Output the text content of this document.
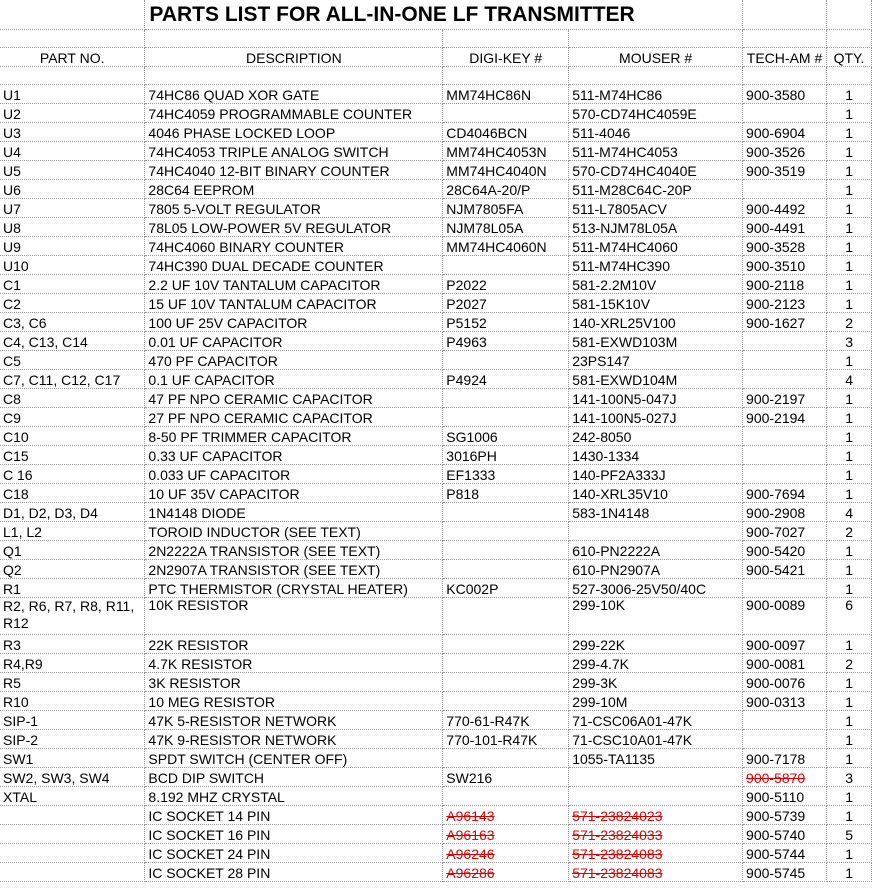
	PARTS LIST FOR ALL-IN-ONE LF TRANSMITTER				

PART NO.	DESCRIPTION	DIGI-KEY #	MOUSER #	TECH-AM #	QTY.

U1	74HC86 QUAD XOR GATE	MM74HC86N	511-M74HC86	900-3580	1
U2	74HC4059 PROGRAMMABLE COUNTER		570-CD74HC4059E		1
U3	4046 PHASE LOCKED LOOP	CD4046BCN	511-4046	900-6904	1
U4	74HC4053 TRIPLE ANALOG SWITCH	MM74HC4053N	511-M74HC4053	900-3526	1
U5	74HC4040 12-BIT BINARY COUNTER	MM74HC4040N	570-CD74HC4040E	900-3519	1
U6	28C64 EEPROM	28C64A-20/P	511-M28C64C-20P		1
U7	7805 5-VOLT REGULATOR	NJM7805FA	511-L7805ACV	900-4492	1
U8	78L05 LOW-POWER 5V REGULATOR	NJM78L05A	513-NJM78L05A	900-4491	1
U9	74HC4060 BINARY COUNTER	MM74HC4060N	511-M74HC4060	900-3528	1
U10	74HC390 DUAL DECADE COUNTER		511-M74HC390	900-3510	1
C1	2.2 UF 10V TANTALUM CAPACITOR	P2022	581-2.2M10V	900-2118	1
C2	15 UF 10V TANTALUM CAPACITOR	P2027	581-15K10V	900-2123	1
C3, C6	100 UF 25V CAPACITOR	P5152	140-XRL25V100	900-1627	2
C4, C13, C14	0.01 UF CAPACITOR	P4963	581-EXWD103M		3
C5	470 PF CAPACITOR		23PS147		1
C7, C11, C12, C17	0.1 UF CAPACITOR	P4924	581-EXWD104M		4
C8	47 PF NPO CERAMIC CAPACITOR		141-100N5-047J	900-2197	1
C9	27 PF NPO CERAMIC CAPACITOR		141-100N5-027J	900-2194	1
C10	8-50 PF TRIMMER CAPACITOR	SG1006	242-8050		1
C15	0.33 UF CAPACITOR	3016PH	1430-1334		1
C 16	0.033 UF CAPACITOR	EF1333	140-PF2A333J		1
C18	10 UF 35V CAPACITOR	P818	140-XRL35V10	900-7694	1
D1, D2, D3, D4	1N4148 DIODE		583-1N4148	900-2908	4
L1, L2	TOROID INDUCTOR (SEE TEXT)			900-7027	2
Q1	2N2222A TRANSISTOR (SEE TEXT)		610-PN2222A	900-5420	1
Q2	2N2907A TRANSISTOR (SEE TEXT)		610-PN2907A	900-5421	1
R1	PTC THERMISTOR (CRYSTAL HEATER)	KC002P	527-3006-25V50/40C		1
R2, R6, R7, R8, R11, R12	10K RESISTOR		299-10K	900-0089	6
R3	22K RESISTOR		299-22K	900-0097	1
R4,R9	4.7K RESISTOR		299-4.7K	900-0081	2
R5	3K RESISTOR		299-3K	900-0076	1
R10	10 MEG RESISTOR		299-10M	900-0313	1
SIP-1	47K 5-RESISTOR NETWORK	770-61-R47K	71-CSC06A01-47K		1
SIP-2	47K 9-RESISTOR NETWORK	770-101-R47K	71-CSC10A01-47K		1
SW1	SPDT SWITCH (CENTER OFF)		1055-TA1135	900-7178	1
SW2, SW3, SW4	BCD DIP SWITCH	SW216		900-5870	3
XTAL	8.192 MHZ CRYSTAL			900-5110	1
	IC SOCKET 14 PIN	A96143	571-23824023	900-5739	1
	IC SOCKET 16 PIN	A96163	571-23824033	900-5740	5
	IC SOCKET 24 PIN	A96246	571-23824083	900-5744	1
	IC SOCKET 28 PIN	A96286	571-23824083	900-5745	1
